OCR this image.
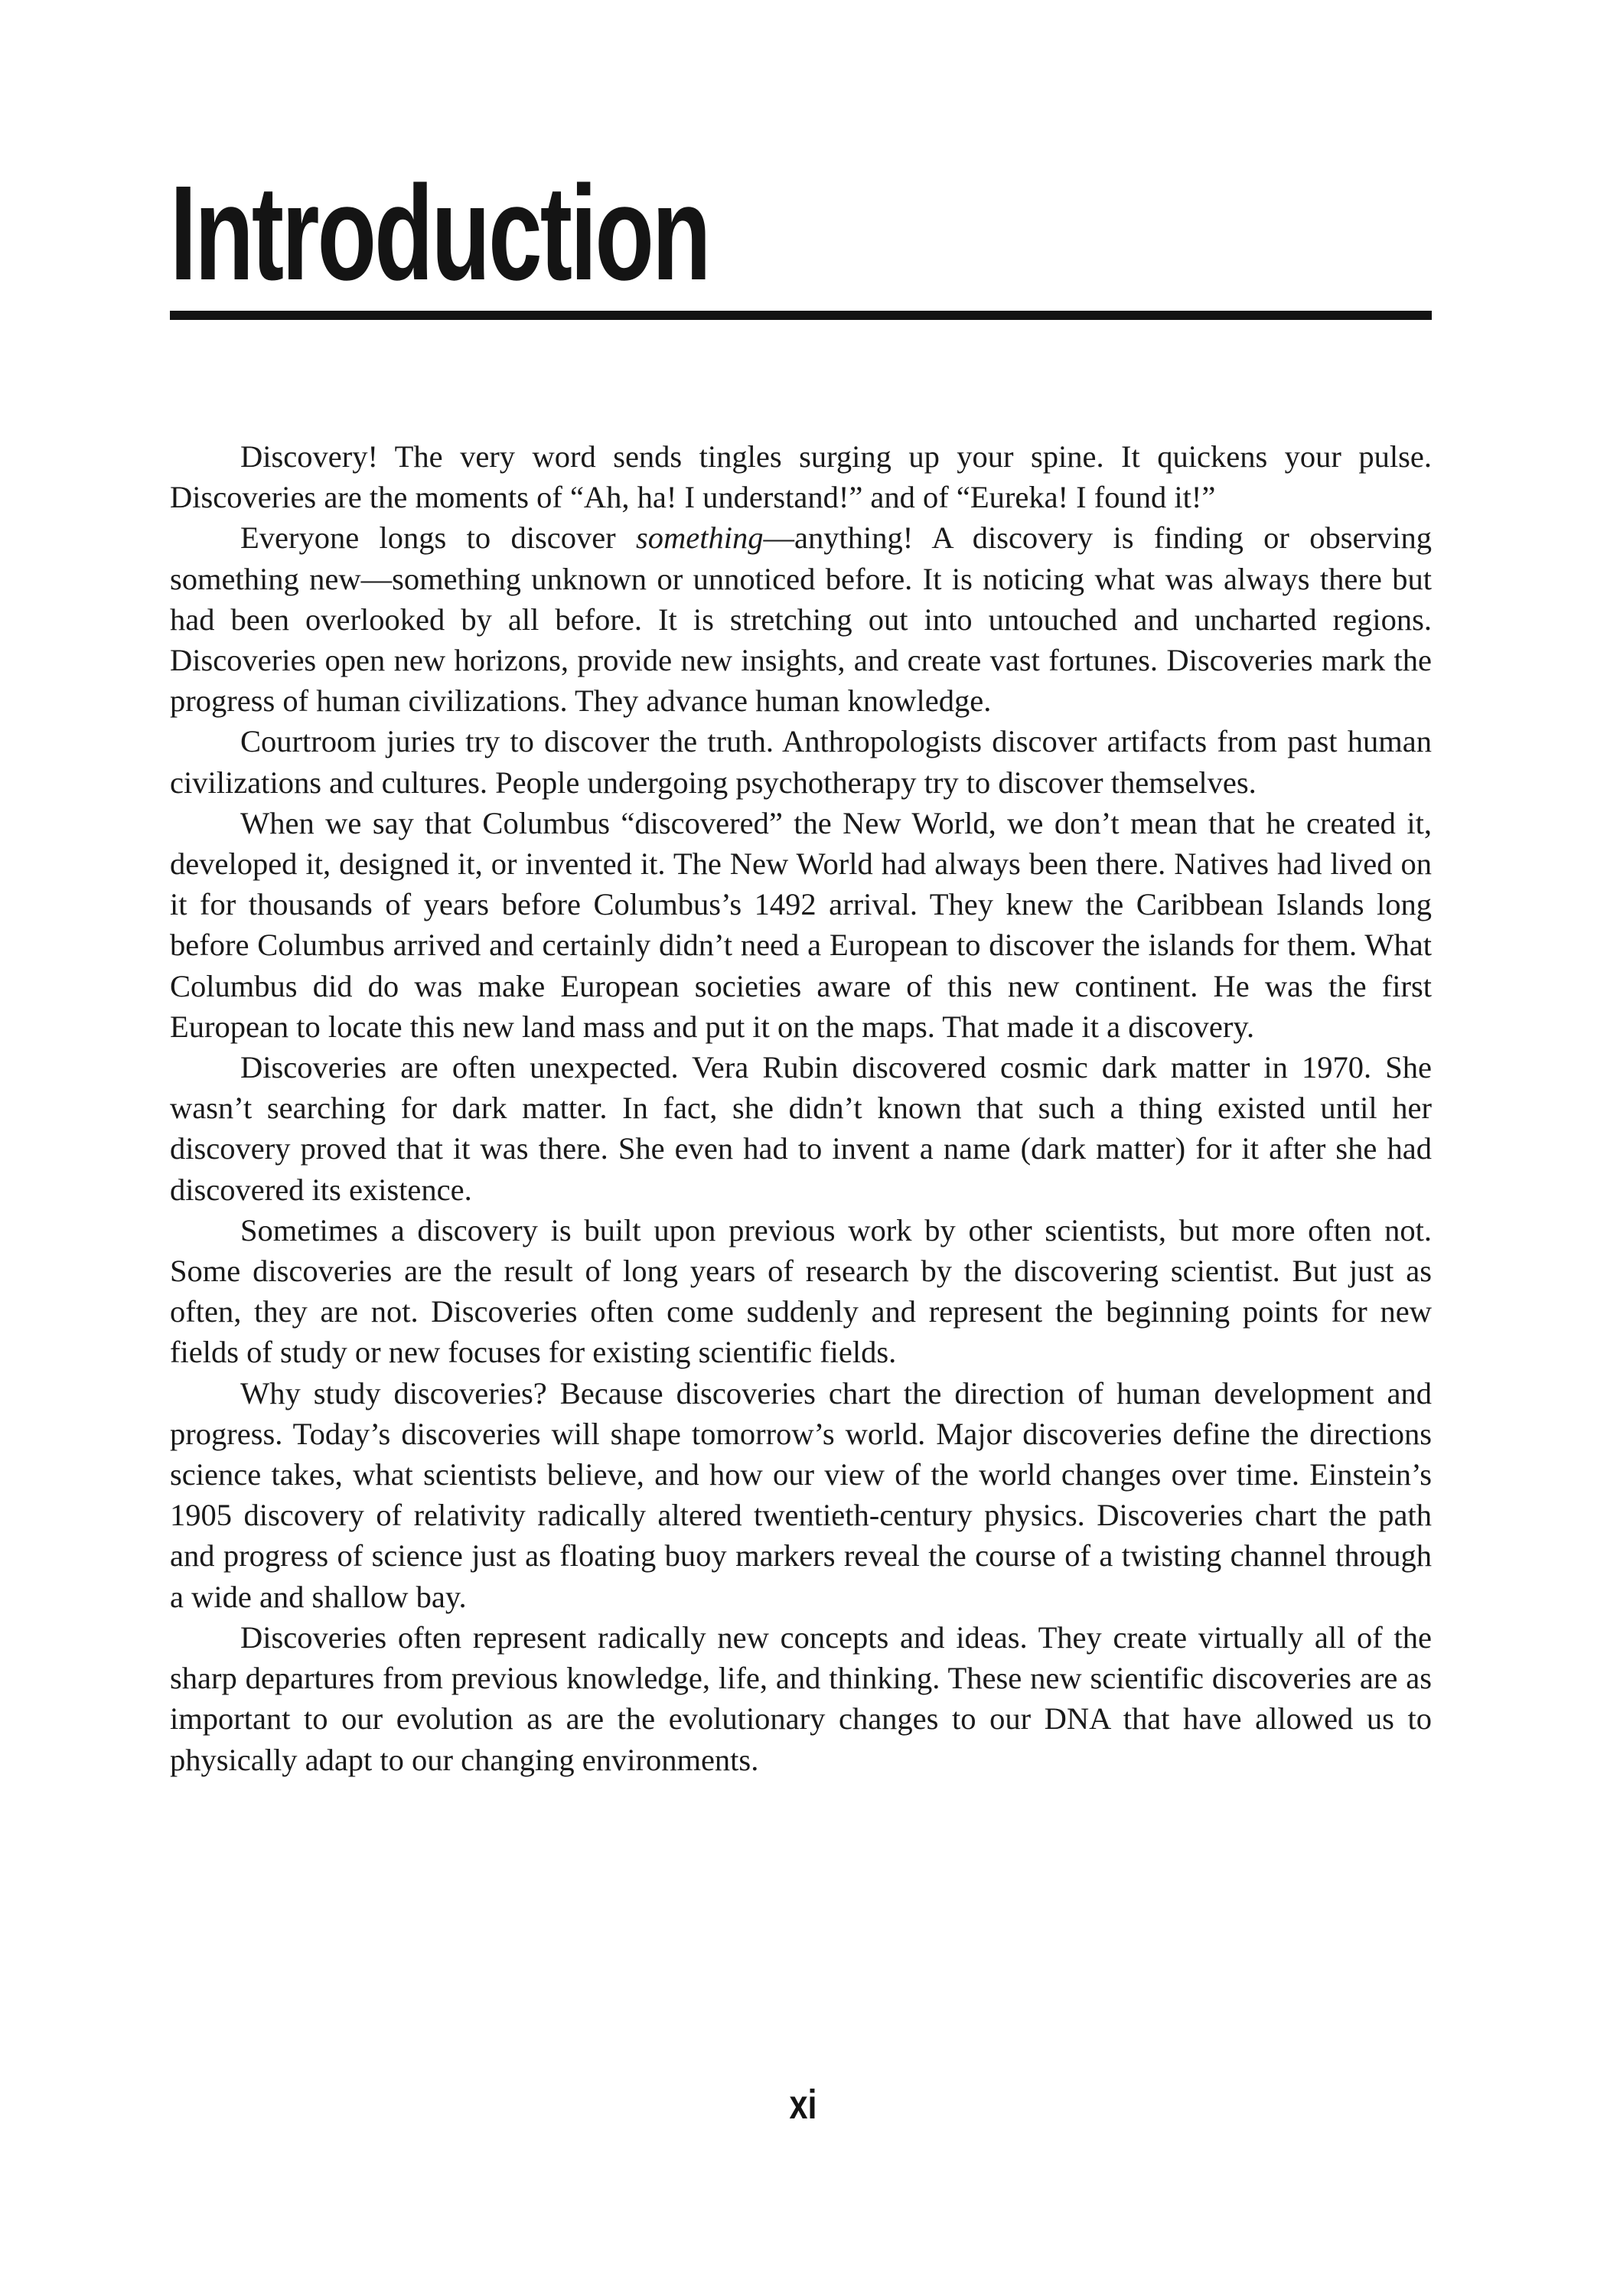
Introduction

Discovery! The very word sends tingles surging up your spine. It quickens your pulse. Discoveries are the moments of “Ah, ha! I understand!” and of “Eureka! I found it!”

Everyone longs to discover something—anything! A discovery is finding or observing something new—something unknown or unnoticed before. It is noticing what was always there but had been overlooked by all before. It is stretching out into untouched and uncharted regions. Discoveries open new horizons, provide new insights, and create vast fortunes. Discoveries mark the progress of human civilizations. They advance human knowledge.

Courtroom juries try to discover the truth. Anthropologists discover artifacts from past human civilizations and cultures. People undergoing psychotherapy try to discover themselves.

When we say that Columbus “discovered” the New World, we don’t mean that he created it, developed it, designed it, or invented it. The New World had always been there. Natives had lived on it for thousands of years before Columbus’s 1492 arrival. They knew the Caribbean Islands long before Columbus arrived and certainly didn’t need a European to discover the islands for them. What Columbus did do was make European societies aware of this new continent. He was the first European to locate this new land mass and put it on the maps. That made it a discovery.

Discoveries are often unexpected. Vera Rubin discovered cosmic dark matter in 1970. She wasn’t searching for dark matter. In fact, she didn’t known that such a thing existed until her discovery proved that it was there. She even had to invent a name (dark matter) for it after she had discovered its existence.

Sometimes a discovery is built upon previous work by other scientists, but more often not. Some discoveries are the result of long years of research by the discovering scientist. But just as often, they are not. Discoveries often come suddenly and represent the beginning points for new fields of study or new focuses for existing scientific fields.

Why study discoveries? Because discoveries chart the direction of human development and progress. Today’s discoveries will shape tomorrow’s world. Major discoveries define the directions science takes, what scientists believe, and how our view of the world changes over time. Einstein’s 1905 discovery of relativity radically altered twentieth-century physics. Discoveries chart the path and progress of science just as floating buoy markers reveal the course of a twisting channel through a wide and shallow bay.

Discoveries often represent radically new concepts and ideas. They create virtually all of the sharp departures from previous knowledge, life, and thinking. These new scientific discoveries are as important to our evolution as are the evolutionary changes to our DNA that have allowed us to physically adapt to our changing environments.

xi
